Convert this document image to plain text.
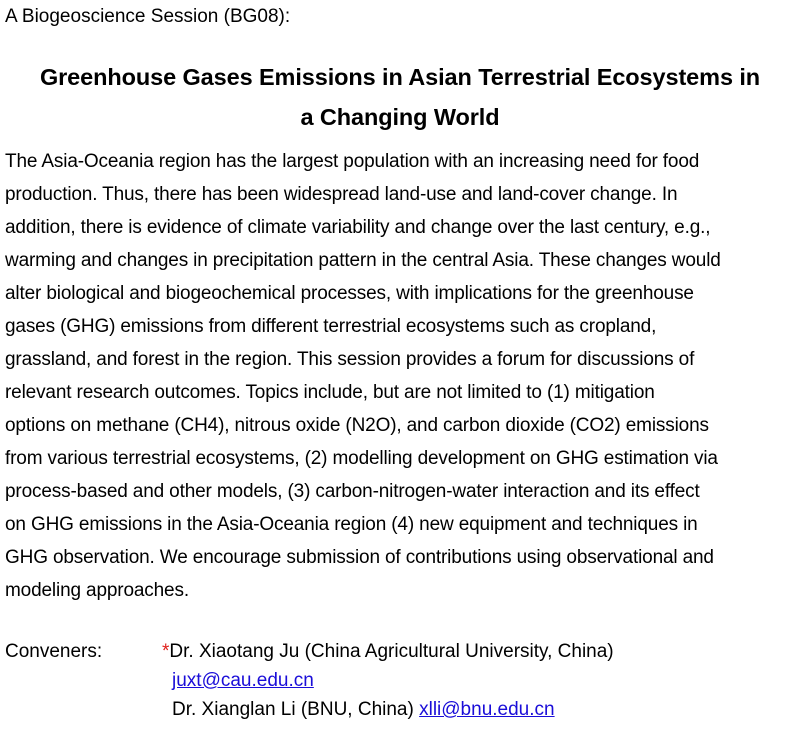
A Biogeoscience Session (BG08):
Greenhouse Gases Emissions in Asian Terrestrial Ecosystems in
a Changing World
The Asia-Oceania region has the largest population with an increasing need for food
production. Thus, there has been widespread land-use and land-cover change. In
addition, there is evidence of climate variability and change over the last century, e.g.,
warming and changes in precipitation pattern in the central Asia. These changes would
alter biological and biogeochemical processes, with implications for the greenhouse
gases (GHG) emissions from different terrestrial ecosystems such as cropland,
grassland, and forest in the region. This session provides a forum for discussions of
relevant research outcomes. Topics include, but are not limited to (1) mitigation
options on methane (CH4), nitrous oxide (N2O), and carbon dioxide (CO2) emissions
from various terrestrial ecosystems, (2) modelling development on GHG estimation via
process-based and other models, (3) carbon-nitrogen-water interaction and its effect
on GHG emissions in the Asia-Oceania region (4) new equipment and techniques in
GHG observation. We encourage submission of contributions using observational and
modeling approaches.
Conveners:	*Dr. Xiaotang Ju (China Agricultural University, China)
juxt@cau.edu.cn
Dr. Xianglan Li (BNU, China) xlli@bnu.edu.cn
